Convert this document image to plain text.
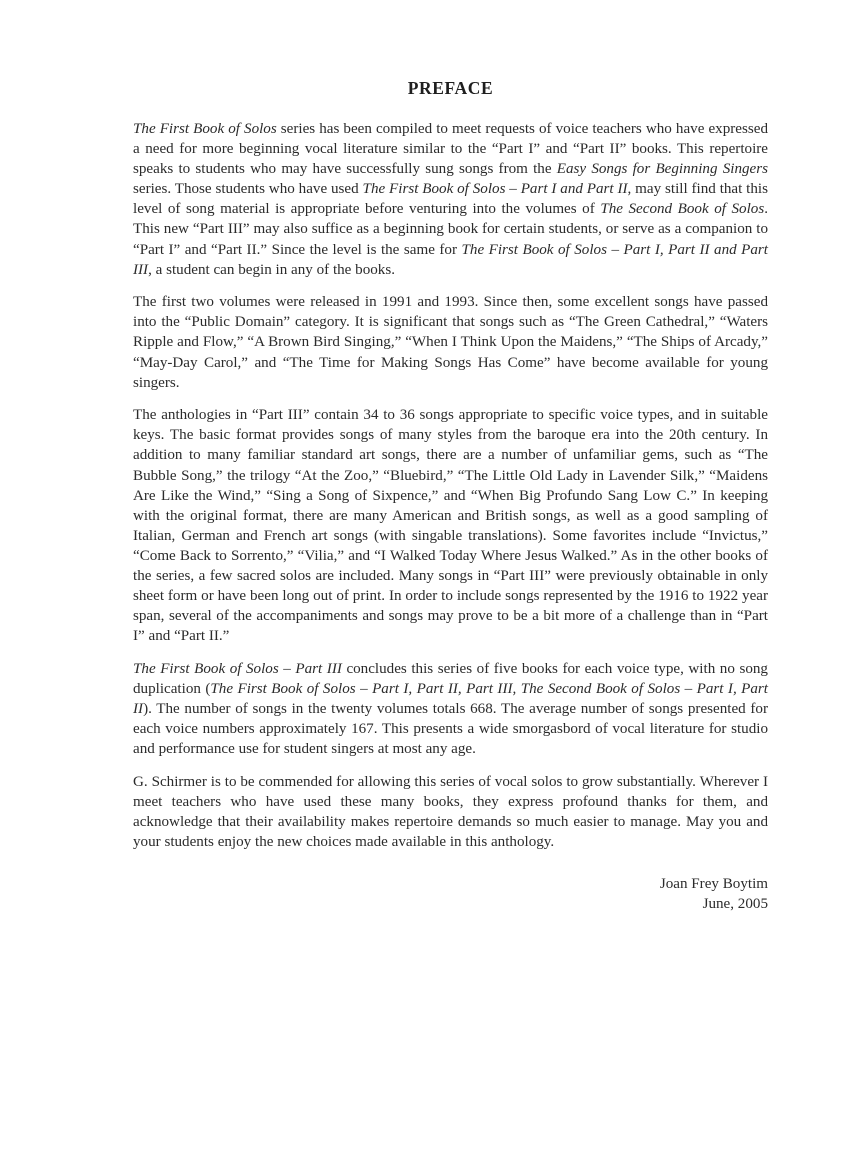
PREFACE

The First Book of Solos series has been compiled to meet requests of voice teachers who have expressed a need for more beginning vocal literature similar to the “Part I” and “Part II” books. This repertoire speaks to students who may have successfully sung songs from the Easy Songs for Beginning Singers series. Those students who have used The First Book of Solos – Part I and Part II, may still find that this level of song material is appropriate before venturing into the volumes of The Second Book of Solos. This new “Part III” may also suffice as a beginning book for certain students, or serve as a companion to “Part I” and “Part II.” Since the level is the same for The First Book of Solos – Part I, Part II and Part III, a student can begin in any of the books.

The first two volumes were released in 1991 and 1993. Since then, some excellent songs have passed into the “Public Domain” category. It is significant that songs such as “The Green Cathedral,” “Waters Ripple and Flow,” “A Brown Bird Singing,” “When I Think Upon the Maidens,” “The Ships of Arcady,” “May-Day Carol,” and “The Time for Making Songs Has Come” have become available for young singers.

The anthologies in “Part III” contain 34 to 36 songs appropriate to specific voice types, and in suitable keys. The basic format provides songs of many styles from the baroque era into the 20th century. In addition to many familiar standard art songs, there are a number of unfamiliar gems, such as “The Bubble Song,” the trilogy “At the Zoo,” “Bluebird,” “The Little Old Lady in Lavender Silk,” “Maidens Are Like the Wind,” “Sing a Song of Sixpence,” and “When Big Profundo Sang Low C.” In keeping with the original format, there are many American and British songs, as well as a good sampling of Italian, German and French art songs (with singable translations). Some favorites include “Invictus,” “Come Back to Sorrento,” “Vilia,” and “I Walked Today Where Jesus Walked.” As in the other books of the series, a few sacred solos are included. Many songs in “Part III” were previously obtainable in only sheet form or have been long out of print. In order to include songs represented by the 1916 to 1922 year span, several of the accompaniments and songs may prove to be a bit more of a challenge than in “Part I” and “Part II.”

The First Book of Solos – Part III concludes this series of five books for each voice type, with no song duplication (The First Book of Solos – Part I, Part II, Part III, The Second Book of Solos – Part I, Part II). The number of songs in the twenty volumes totals 668. The average number of songs presented for each voice numbers approximately 167. This presents a wide smorgasbord of vocal literature for studio and performance use for student singers at most any age.

G. Schirmer is to be commended for allowing this series of vocal solos to grow substantially. Wherever I meet teachers who have used these many books, they express profound thanks for them, and acknowledge that their availability makes repertoire demands so much easier to manage. May you and your students enjoy the new choices made available in this anthology.

Joan Frey Boytim
June, 2005
